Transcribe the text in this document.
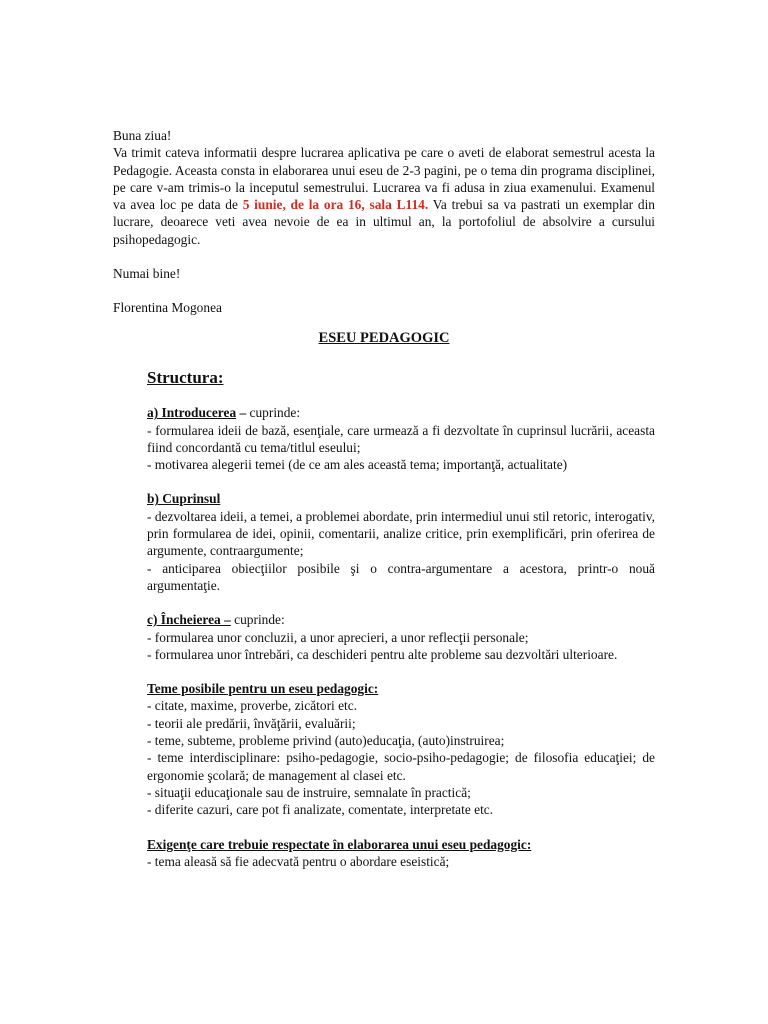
Buna ziua!

Va trimit cateva informatii despre lucrarea aplicativa pe care o aveti de elaborat semestrul acesta la Pedagogie. Aceasta consta in elaborarea unui eseu de 2-3 pagini, pe o tema din programa disciplinei, pe care v-am trimis-o la inceputul semestrului. Lucrarea va fi adusa in ziua examenului. Examenul va avea loc pe data de 5 iunie, de la ora 16, sala L114. Va trebui sa va pastrati un exemplar din lucrare, deoarece veti avea nevoie de ea in ultimul an, la portofoliul de absolvire a cursului psihopedagogic.

Numai bine!

Florentina Mogonea

ESEU PEDAGOGIC

Structura:

a) Introducerea – cuprinde:

- formularea ideii de bază, esenţiale, care urmează a fi dezvoltate în cuprinsul lucrării, aceasta fiind concordantă cu tema/titlul eseului;

- motivarea alegerii temei (de ce am ales această tema; importanţă, actualitate)

b) Cuprinsul

- dezvoltarea ideii, a temei, a problemei abordate, prin intermediul unui stil retoric, interogativ, prin formularea de idei, opinii, comentarii, analize critice, prin exemplificări, prin oferirea de argumente, contraargumente;

- anticiparea obiecţiilor posibile şi o contra-argumentare a acestora, printr-o nouă argumentaţie.

c) Încheierea – cuprinde:

- formularea unor concluzii, a unor aprecieri, a unor reflecţii personale;

- formularea unor întrebări, ca deschideri pentru alte probleme sau dezvoltări ulterioare.

Teme posibile pentru un eseu pedagogic:

- citate, maxime, proverbe, zicători etc.

- teorii ale predării, învăţării, evaluării;

- teme, subteme, probleme privind (auto)educaţia, (auto)instruirea;

- teme interdisciplinare: psiho-pedagogie, socio-psiho-pedagogie; de filosofia educaţiei; de ergonomie şcolară; de management al clasei etc.

- situaţii educaţionale sau de instruire, semnalate în practică;

- diferite cazuri, care pot fi analizate, comentate, interpretate etc.

Exigenţe care trebuie respectate în elaborarea unui eseu pedagogic:

- tema aleasă să fie adecvată pentru o abordare eseistică;
